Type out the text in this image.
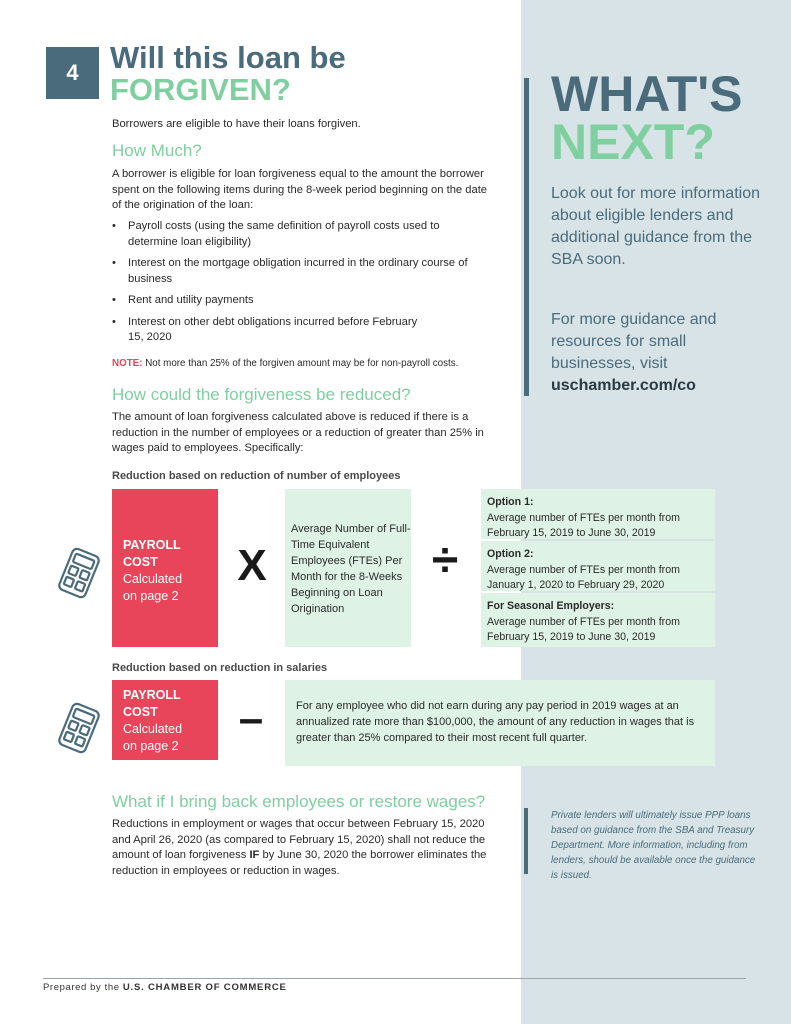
WHAT'S
NEXT?
Look out for more information about eligible lenders and additional guidance from the SBA soon.
For more guidance and resources for small businesses, visit uschamber.com/co
Private lenders will ultimately issue PPP loans based on guidance from the SBA and Treasury Department. More information, including from lenders, should be available once the guidance is issued.
4	Will this loan be
FORGIVEN?
Borrowers are eligible to have their loans forgiven.
How Much?
A borrower is eligible for loan forgiveness equal to the amount the borrower spent on the following items during the 8-week period beginning on the date of the origination of the loan:
• Payroll costs (using the same definition of payroll costs used to determine loan eligibility)
• Interest on the mortgage obligation incurred in the ordinary course of business
• Rent and utility payments
• Interest on other debt obligations incurred before February 15, 2020
NOTE: Not more than 25% of the forgiven amount may be for non-payroll costs.
How could the forgiveness be reduced?
The amount of loan forgiveness calculated above is reduced if there is a reduction in the number of employees or a reduction of greater than 25% in wages paid to employees. Specifically:
Reduction based on reduction of number of employees
PAYROLL
COST
Calculated
on page 2
X
Average Number of Full-Time Equivalent Employees (FTEs) Per Month for the 8-Weeks Beginning on Loan Origination
÷
Option 1:
Average number of FTEs per month from February 15, 2019 to June 30, 2019
Option 2:
Average number of FTEs per month from January 1, 2020 to February 29, 2020
For Seasonal Employers:
Average number of FTEs per month from February 15, 2019 to June 30, 2019
Reduction based on reduction in salaries
PAYROLL
COST
Calculated
on page 2
–	For any employee who did not earn during any pay period in 2019 wages at an annualized rate more than $100,000, the amount of any reduction in wages that is greater than 25% compared to their most recent full quarter.
What if I bring back employees or restore wages?
Reductions in employment or wages that occur between February 15, 2020 and April 26, 2020 (as compared to February 15, 2020) shall not reduce the amount of loan forgiveness IF by June 30, 2020 the borrower eliminates the reduction in employees or reduction in wages.
Prepared by the U.S. CHAMBER OF COMMERCE
